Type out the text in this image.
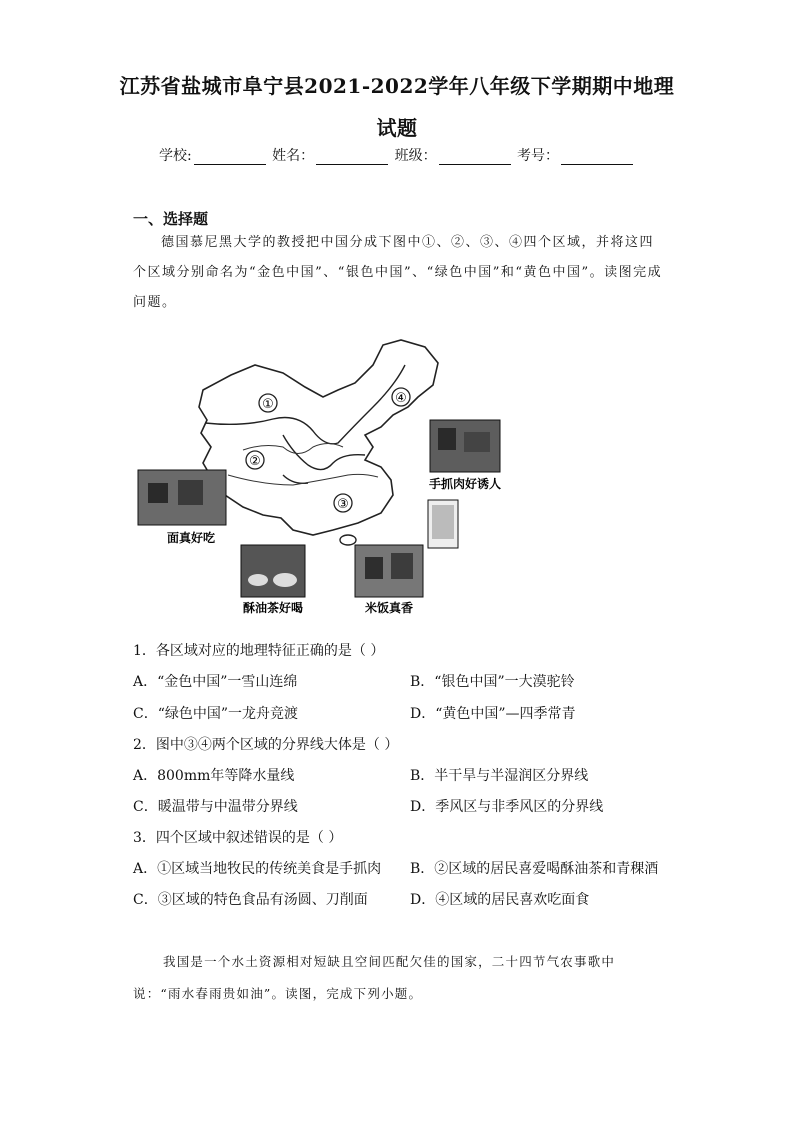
江苏省盐城市阜宁县2021-2022学年八年级下学期期中地理
试题
学校:	姓名：	班级：	考号：
一、选择题
德国慕尼黑大学的教授把中国分成下图中①、②、③、④四个区域，并将这四个区域分别命名为“金色中国”、“银色中国”、“绿色中国”和“黄色中国”。读图完成问题。
①
②
③
④
面真好吃
酥油茶好喝	米饭真香
手抓肉好诱人
1．各区域对应的地理特征正确的是（ ）
A．“金色中国”一雪山连绵	B．“银色中国”一大漠驼铃
C．“绿色中国”一龙舟竞渡	D．“黄色中国”—四季常青
2．图中③④两个区域的分界线大体是（ ）
A．800mm年等降水量线	B．半干旱与半湿润区分界线
C．暖温带与中温带分界线	D．季风区与非季风区的分界线
3．四个区域中叙述错误的是（ ）
A．①区域当地牧民的传统美食是手抓肉 B．②区域的居民喜爱喝酥油茶和青稞酒
C．③区域的特色食品有汤圆、刀削面	D．④区域的居民喜欢吃面食
我国是一个水土资源相对短缺且空间匹配欠佳的国家，二十四节气农事歌中说：“雨水春雨贵如油”。读图，完成下列小题。
